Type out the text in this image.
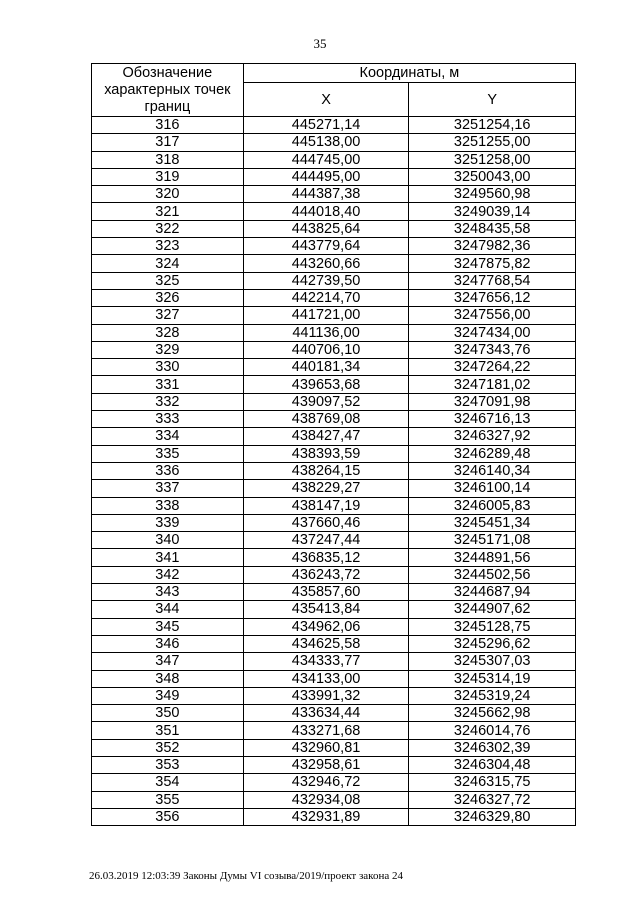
35
Обозначение характерных точек границ	Координаты, м	
	X	Y
316	445271,14	3251254,16
317	445138,00	3251255,00
318	444745,00	3251258,00
319	444495,00	3250043,00
320	444387,38	3249560,98
321	444018,40	3249039,14
322	443825,64	3248435,58
323	443779,64	3247982,36
324	443260,66	3247875,82
325	442739,50	3247768,54
326	442214,70	3247656,12
327	441721,00	3247556,00
328	441136,00	3247434,00
329	440706,10	3247343,76
330	440181,34	3247264,22
331	439653,68	3247181,02
332	439097,52	3247091,98
333	438769,08	3246716,13
334	438427,47	3246327,92
335	438393,59	3246289,48
336	438264,15	3246140,34
337	438229,27	3246100,14
338	438147,19	3246005,83
339	437660,46	3245451,34
340	437247,44	3245171,08
341	436835,12	3244891,56
342	436243,72	3244502,56
343	435857,60	3244687,94
344	435413,84	3244907,62
345	434962,06	3245128,75
346	434625,58	3245296,62
347	434333,77	3245307,03
348	434133,00	3245314,19
349	433991,32	3245319,24
350	433634,44	3245662,98
351	433271,68	3246014,76
352	432960,81	3246302,39
353	432958,61	3246304,48
354	432946,72	3246315,75
355	432934,08	3246327,72
356	432931,89	3246329,80
26.03.2019 12:03:39 Законы Думы VI созыва/2019/проект закона 24
